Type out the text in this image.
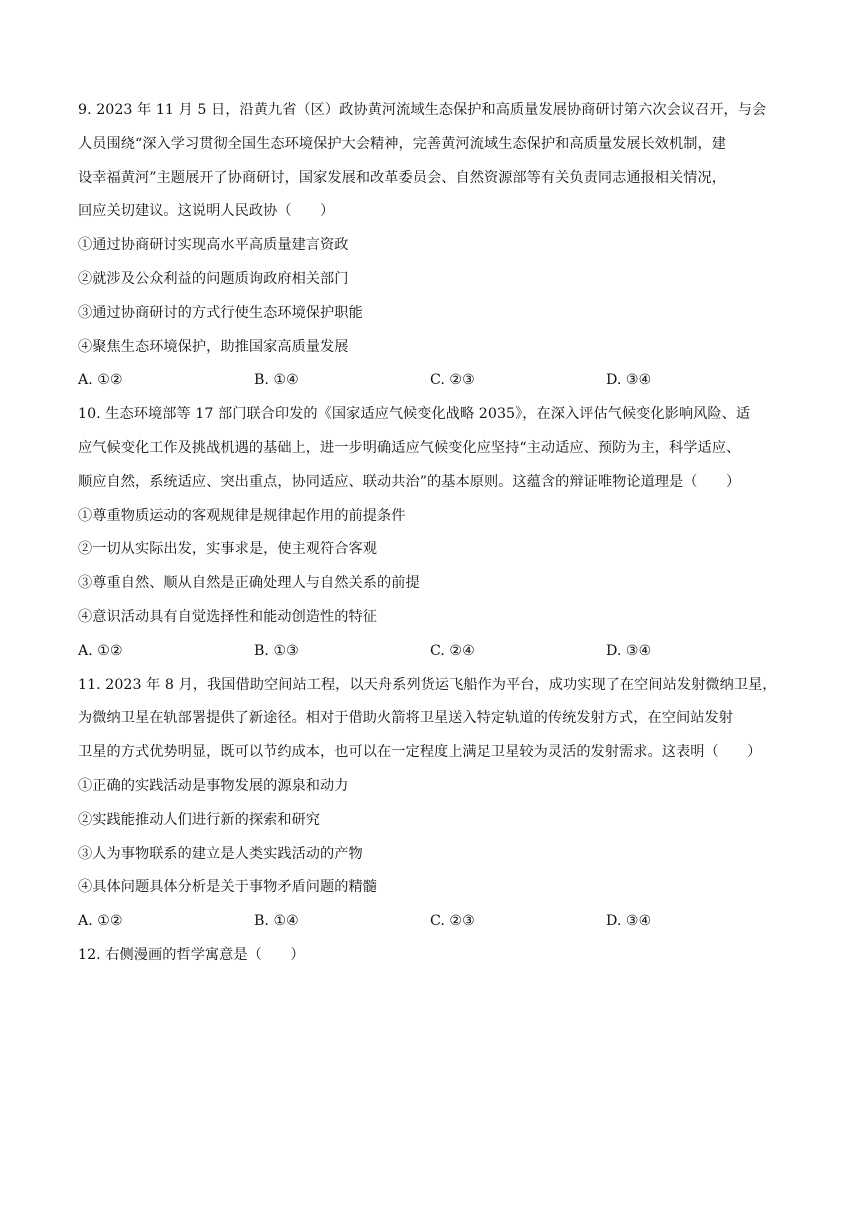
9. 2023 年 11 月 5 日，沿黄九省（区）政协黄河流域生态保护和高质量发展协商研讨第六次会议召开，与会
人员围绕“深入学习贯彻全国生态环境保护大会精神，完善黄河流域生态保护和高质量发展长效机制，建
设幸福黄河”主题展开了协商研讨，国家发展和改革委员会、自然资源部等有关负责同志通报相关情况，
回应关切建议。这说明人民政协（　　）
①通过协商研讨实现高水平高质量建言资政
②就涉及公众利益的问题质询政府相关部门
③通过协商研讨的方式行使生态环境保护职能
④聚焦生态环境保护，助推国家高质量发展
A. ①②	B. ①④	C. ②③	D. ③④
10. 生态环境部等 17 部门联合印发的《国家适应气候变化战略 2035》，在深入评估气候变化影响风险、适
应气候变化工作及挑战机遇的基础上，进一步明确适应气候变化应坚持“主动适应、预防为主，科学适应、
顺应自然，系统适应、突出重点，协同适应、联动共治”的基本原则。这蕴含的辩证唯物论道理是（　　）
①尊重物质运动的客观规律是规律起作用的前提条件
②一切从实际出发，实事求是，使主观符合客观
③尊重自然、顺从自然是正确处理人与自然关系的前提
④意识活动具有自觉选择性和能动创造性的特征
A. ①②	B. ①③	C. ②④	D. ③④
11. 2023 年 8 月，我国借助空间站工程，以天舟系列货运飞船作为平台，成功实现了在空间站发射微纳卫星，
为微纳卫星在轨部署提供了新途径。相对于借助火箭将卫星送入特定轨道的传统发射方式，在空间站发射
卫星的方式优势明显，既可以节约成本，也可以在一定程度上满足卫星较为灵活的发射需求。这表明（　　）
①正确的实践活动是事物发展的源泉和动力
②实践能推动人们进行新的探索和研究
③人为事物联系的建立是人类实践活动的产物
④具体问题具体分析是关于事物矛盾问题的精髓
A. ①②	B. ①④	C. ②③	D. ③④
12. 右侧漫画的哲学寓意是（　　）
